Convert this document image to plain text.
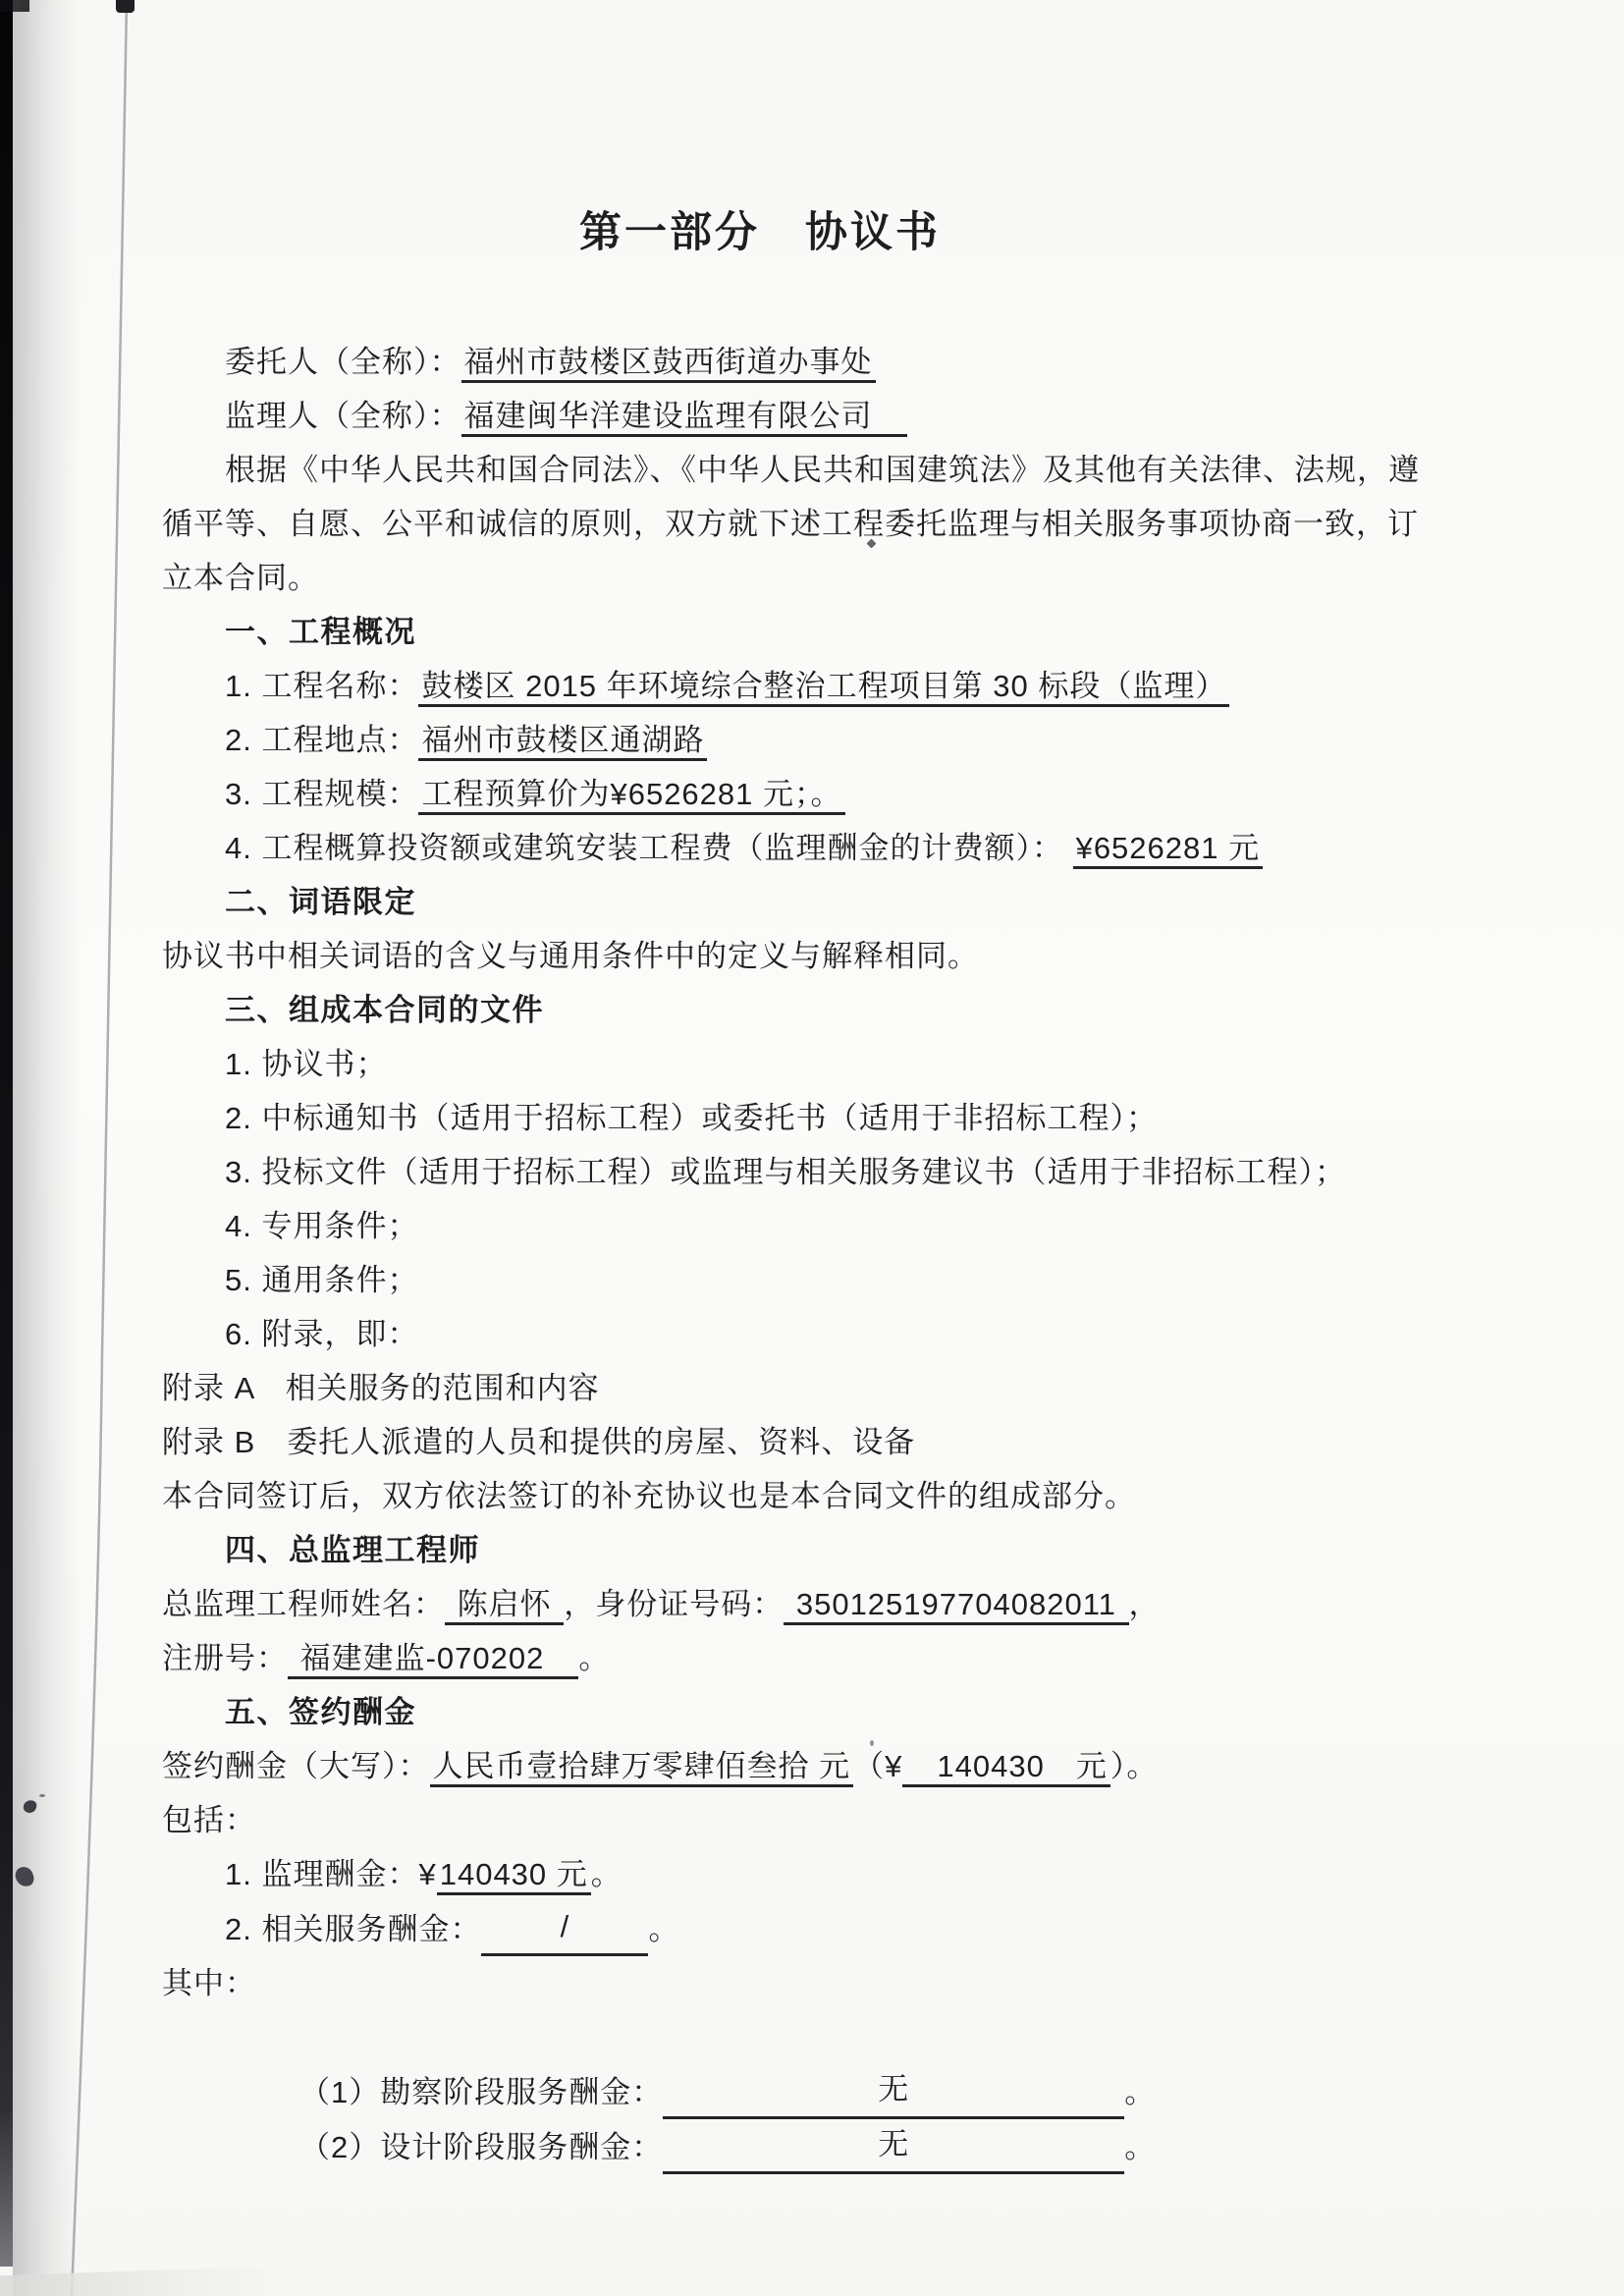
第一部分　协议书
委托人（全称）：福州市鼓楼区鼓西街道办事处
监理人（全称）：福建闽华洋建设监理有限公司　
根据《中华人民共和国合同法》、《中华人民共和国建筑法》及其他有关法律、法规，遵
循平等、自愿、公平和诚信的原则，双方就下述工程委托监理与相关服务事项协商一致，订
立本合同。
一、工程概况
1. 工程名称：鼓楼区 2015 年环境综合整治工程项目第 30 标段（监理）
2. 工程地点：福州市鼓楼区通湖路
3. 工程规模：工程预算价为¥6526281 元；。
4. 工程概算投资额或建筑安装工程费（监理酬金的计费额）： ¥6526281 元
二、词语限定
协议书中相关词语的含义与通用条件中的定义与解释相同。
三、组成本合同的文件
1. 协议书；
2. 中标通知书（适用于招标工程）或委托书（适用于非招标工程）；
3. 投标文件（适用于招标工程）或监理与相关服务建议书（适用于非招标工程）；
4. 专用条件；
5. 通用条件；
6. 附录，即：
附录 A　相关服务的范围和内容
附录 B　委托人派遣的人员和提供的房屋、资料、设备
本合同签订后，双方依法签订的补充协议也是本合同文件的组成部分。
四、总监理工程师
总监理工程师姓名： 陈启怀 ，身份证号码： 350125197704082011 ，
注册号： 福建建监-070202　。
五、签约酬金
签约酬金（大写）：人民币壹拾肆万零肆佰叁拾 元（¥　140430　元）。
包括：
1. 监理酬金：¥140430 元。
2. 相关服务酬金：	/	。
其中：
（1）勘察阶段服务酬金：	无	。
（2）设计阶段服务酬金：	无	。
